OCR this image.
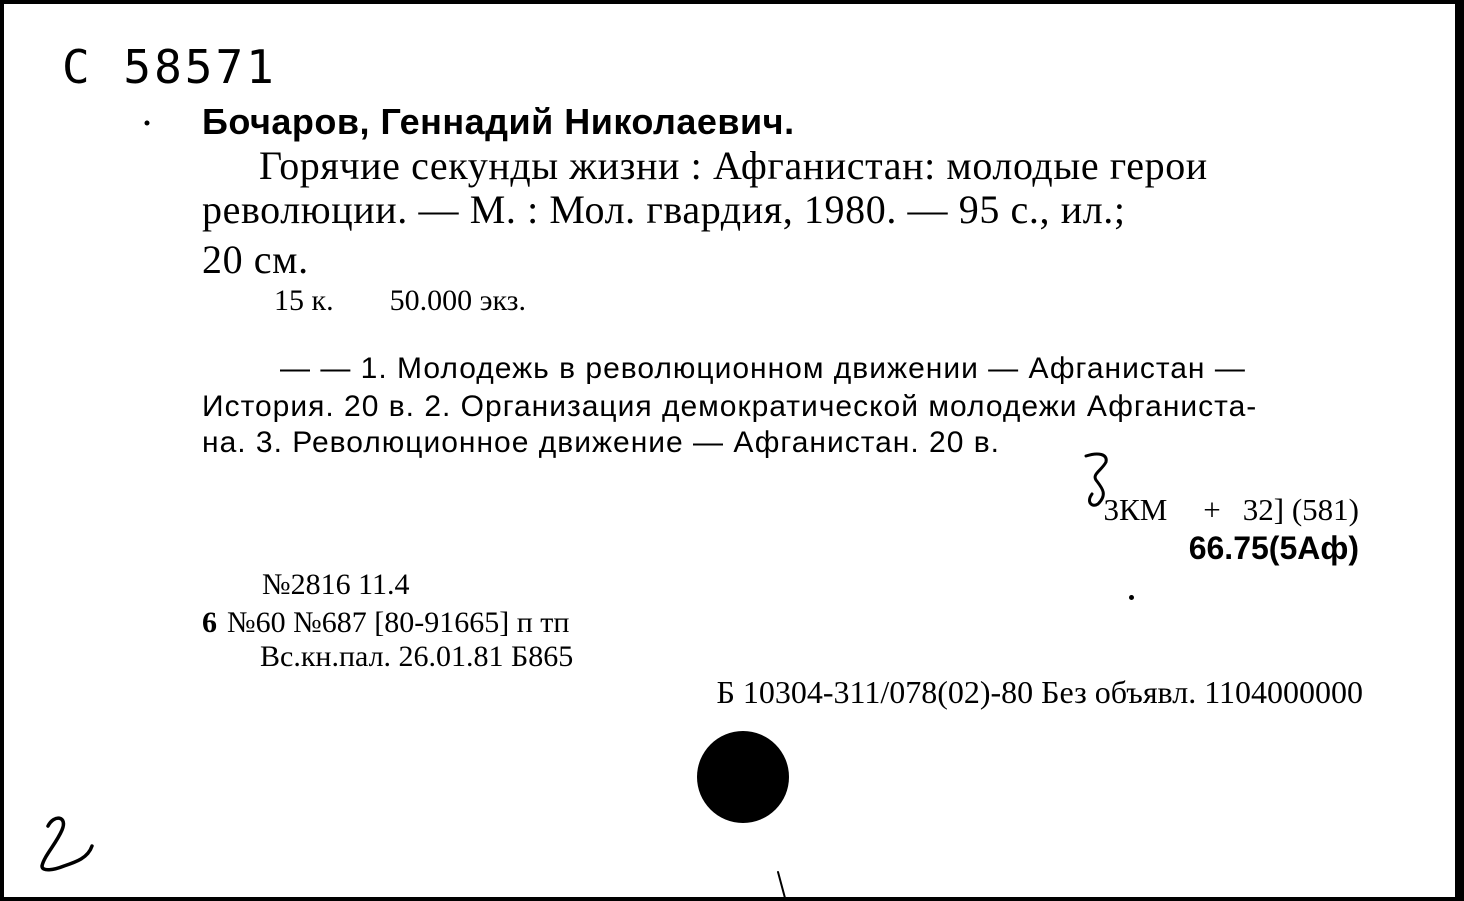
С 58571
Бочаров, Геннадий Николаевич.
Горячие секунды жизни : Афганистан: молодые герои
революции. — М. : Мол. гвардия, 1980. — 95 с., ил.;
20 см.
15 к. 50.000 экз.
— — 1. Молодежь в революционном движении — Афганистан —
История. 20 в. 2. Организация демократической молодежи Афганиста-
на. 3. Революционное движение — Афганистан. 20 в.
3КМ + 32] (581)
66.75(5Аф)
№2816 11.4
6 №60 №687 [80-91665] п тп
Вс.кн.пал. 26.01.81 Б865
Б 10304-311/078(02)-80 Без объявл. 1104000000
